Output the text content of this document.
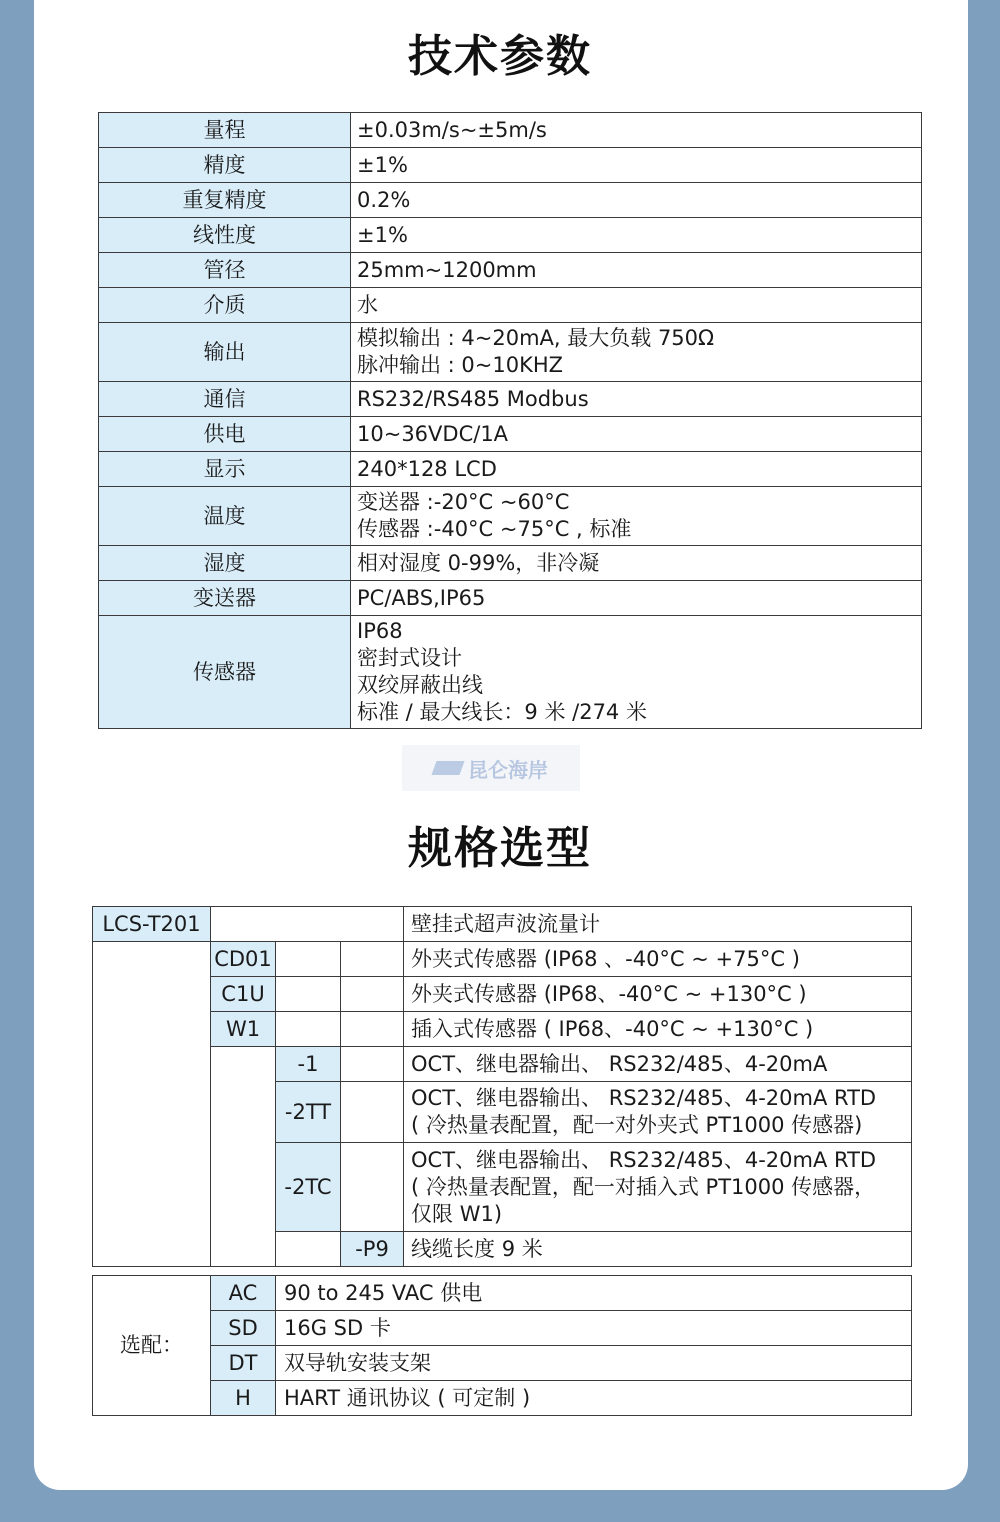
技术参数
量程	±0.03m/s~±5m/s
精度	±1%
重复精度	0.2%
线性度	±1%
管径	25mm~1200mm
介质	水
输出	模拟输出 : 4~20mA, 最大负载 750Ω
脉冲输出 : 0~10KHZ

通信	RS232/RS485 Modbus
供电	10~36VDC/1A
显示	240*128 LCD
温度	变送器 :-20°C ~60°C
传感器 :-40°C ~75°C , 标准

湿度	相对湿度 0-99%，非冷凝
变送器	PC/ABS,IP65
传感器	IP68
密封式设计
双绞屏蔽出线
标准 / 最大线长：9 米 /274 米
昆仑海岸
规格选型
LCS-T201				壁挂式超声波流量计
	CD01			外夹式传感器 (IP68 、-40°C ~ +75°C )
	C1U			外夹式传感器 (IP68、-40°C ~ +130°C )
	W1			插入式传感器 ( IP68、-40°C ~ +130°C )
		-1		OCT、继电器输出、 RS232/485、4-20mA
		-2TT		OCT、继电器输出、 RS232/485、4-20mA RTD
( 冷热量表配置，配一对外夹式 PT1000 传感器)

		-2TC		OCT、继电器输出、 RS232/485、4-20mA RTD
( 冷热量表配置，配一对插入式 PT1000 传感器，
仅限 W1)

			-P9	线缆长度 9 米
选配：	AC	90 to 245 VAC 供电
	SD	16G SD 卡
	DT	双导轨安装支架
	H	HART 通讯协议 ( 可定制 )
